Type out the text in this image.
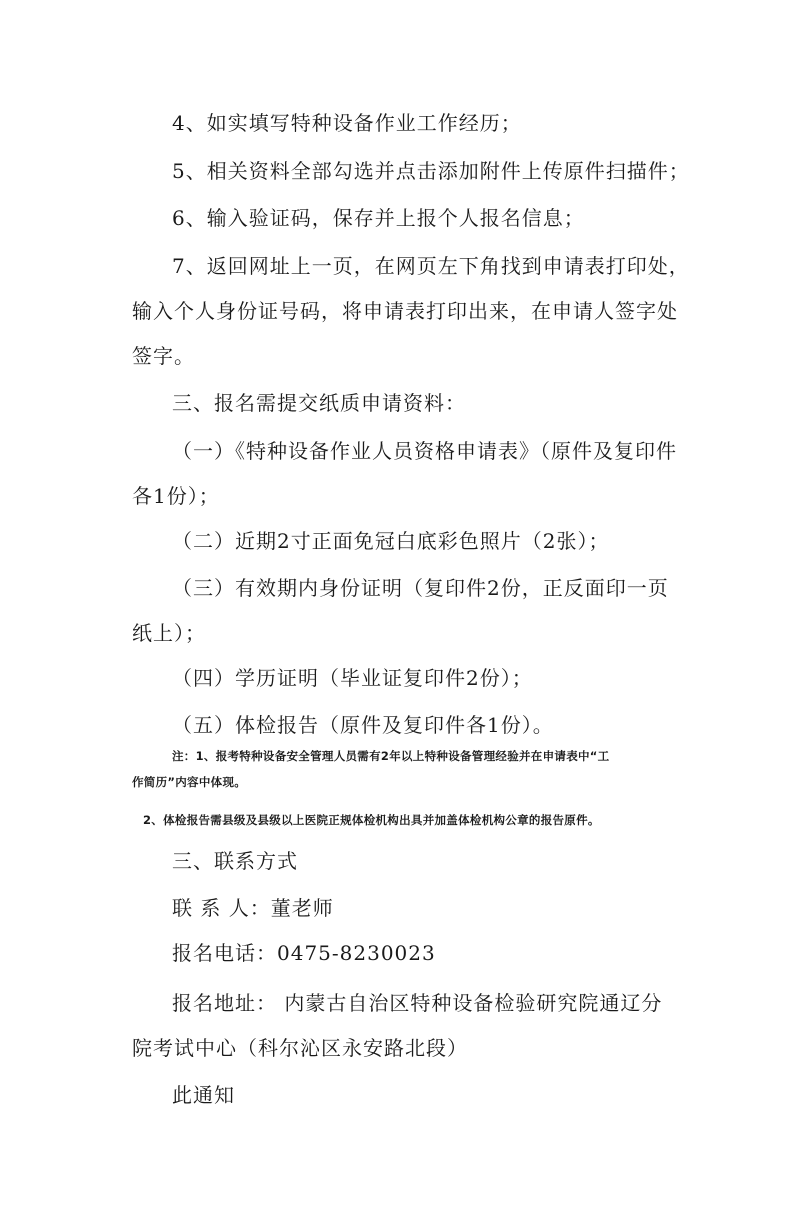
4、如实填写特种设备作业工作经历；
5、相关资料全部勾选并点击添加附件上传原件扫描件；
6、输入验证码，保存并上报个人报名信息；
7、返回网址上一页，在网页左下角找到申请表打印处，
输入个人身份证号码，将申请表打印出来，在申请人签字处
签字。
三、报名需提交纸质申请资料：
（一）《特种设备作业人员资格申请表》（原件及复印件
各1份）；
（二）近期2寸正面免冠白底彩色照片（2张）；
（三）有效期内身份证明（复印件2份，正反面印一页
纸上）；
（四）学历证明（毕业证复印件2份）；
（五）体检报告（原件及复印件各1份）。
注：1、报考特种设备安全管理人员需有2年以上特种设备管理经验并在申请表中“工
作简历”内容中体现。
2、体检报告需县级及县级以上医院正规体检机构出具并加盖体检机构公章的报告原件。
三、联系方式
联 系 人：董老师
报名电话：0475-8230023
报名地址： 内蒙古自治区特种设备检验研究院通辽分
院考试中心（科尔沁区永安路北段）
此通知
